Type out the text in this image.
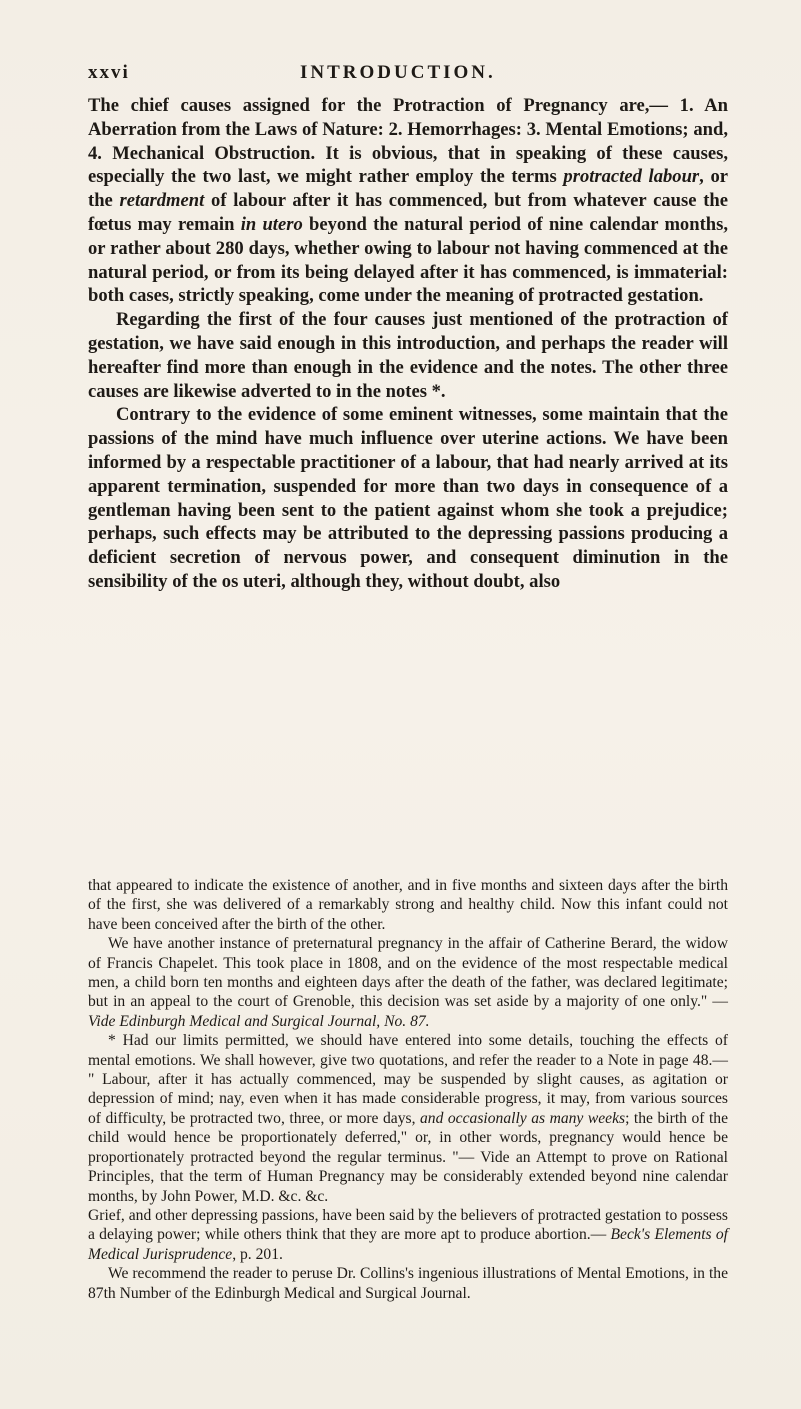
xxvi	INTRODUCTION.

The chief causes assigned for the Protraction of Pregnancy are,— 1. An Aberration from the Laws of Nature: 2. Hemorrhages: 3. Mental Emotions; and, 4. Mechanical Obstruction. It is obvious, that in speaking of these causes, especially the two last, we might rather employ the terms protracted labour, or the retardment of labour after it has commenced, but from whatever cause the fœtus may remain in utero beyond the natural period of nine calendar months, or rather about 280 days, whether owing to labour not having commenced at the natural period, or from its being delayed after it has commenced, is immaterial: both cases, strictly speaking, come under the meaning of protracted gestation.

Regarding the first of the four causes just mentioned of the protraction of gestation, we have said enough in this introduction, and perhaps the reader will hereafter find more than enough in the evidence and the notes. The other three causes are likewise adverted to in the notes *.

Contrary to the evidence of some eminent witnesses, some maintain that the passions of the mind have much influence over uterine actions. We have been informed by a respectable practitioner of a labour, that had nearly arrived at its apparent termination, suspended for more than two days in consequence of a gentleman having been sent to the patient against whom she took a prejudice; perhaps, such effects may be attributed to the depressing passions producing a deficient secretion of nervous power, and consequent diminution in the sensibility of the os uteri, although they, without doubt, also

that appeared to indicate the existence of another, and in five months and sixteen days after the birth of the first, she was delivered of a remarkably strong and healthy child. Now this infant could not have been conceived after the birth of the other.

We have another instance of preternatural pregnancy in the affair of Catherine Berard, the widow of Francis Chapelet. This took place in 1808, and on the evidence of the most respectable medical men, a child born ten months and eighteen days after the death of the father, was declared legitimate; but in an appeal to the court of Grenoble, this decision was set aside by a majority of one only." — Vide Edinburgh Medical and Surgical Journal, No. 87.

* Had our limits permitted, we should have entered into some details, touching the effects of mental emotions. We shall however, give two quotations, and refer the reader to a Note in page 48.— " Labour, after it has actually commenced, may be suspended by slight causes, as agitation or depression of mind; nay, even when it has made considerable progress, it may, from various sources of difficulty, be protracted two, three, or more days, and occasionally as many weeks; the birth of the child would hence be proportionately deferred," or, in other words, pregnancy would hence be proportionately protracted beyond the regular terminus. "— Vide an Attempt to prove on Rational Principles, that the term of Human Pregnancy may be considerably extended beyond nine calendar months, by John Power, M.D. &c. &c.

Grief, and other depressing passions, have been said by the believers of protracted gestation to possess a delaying power; while others think that they are more apt to produce abortion.— Beck's Elements of Medical Jurisprudence, p. 201.

We recommend the reader to peruse Dr. Collins's ingenious illustrations of Mental Emotions, in the 87th Number of the Edinburgh Medical and Surgical Journal.
